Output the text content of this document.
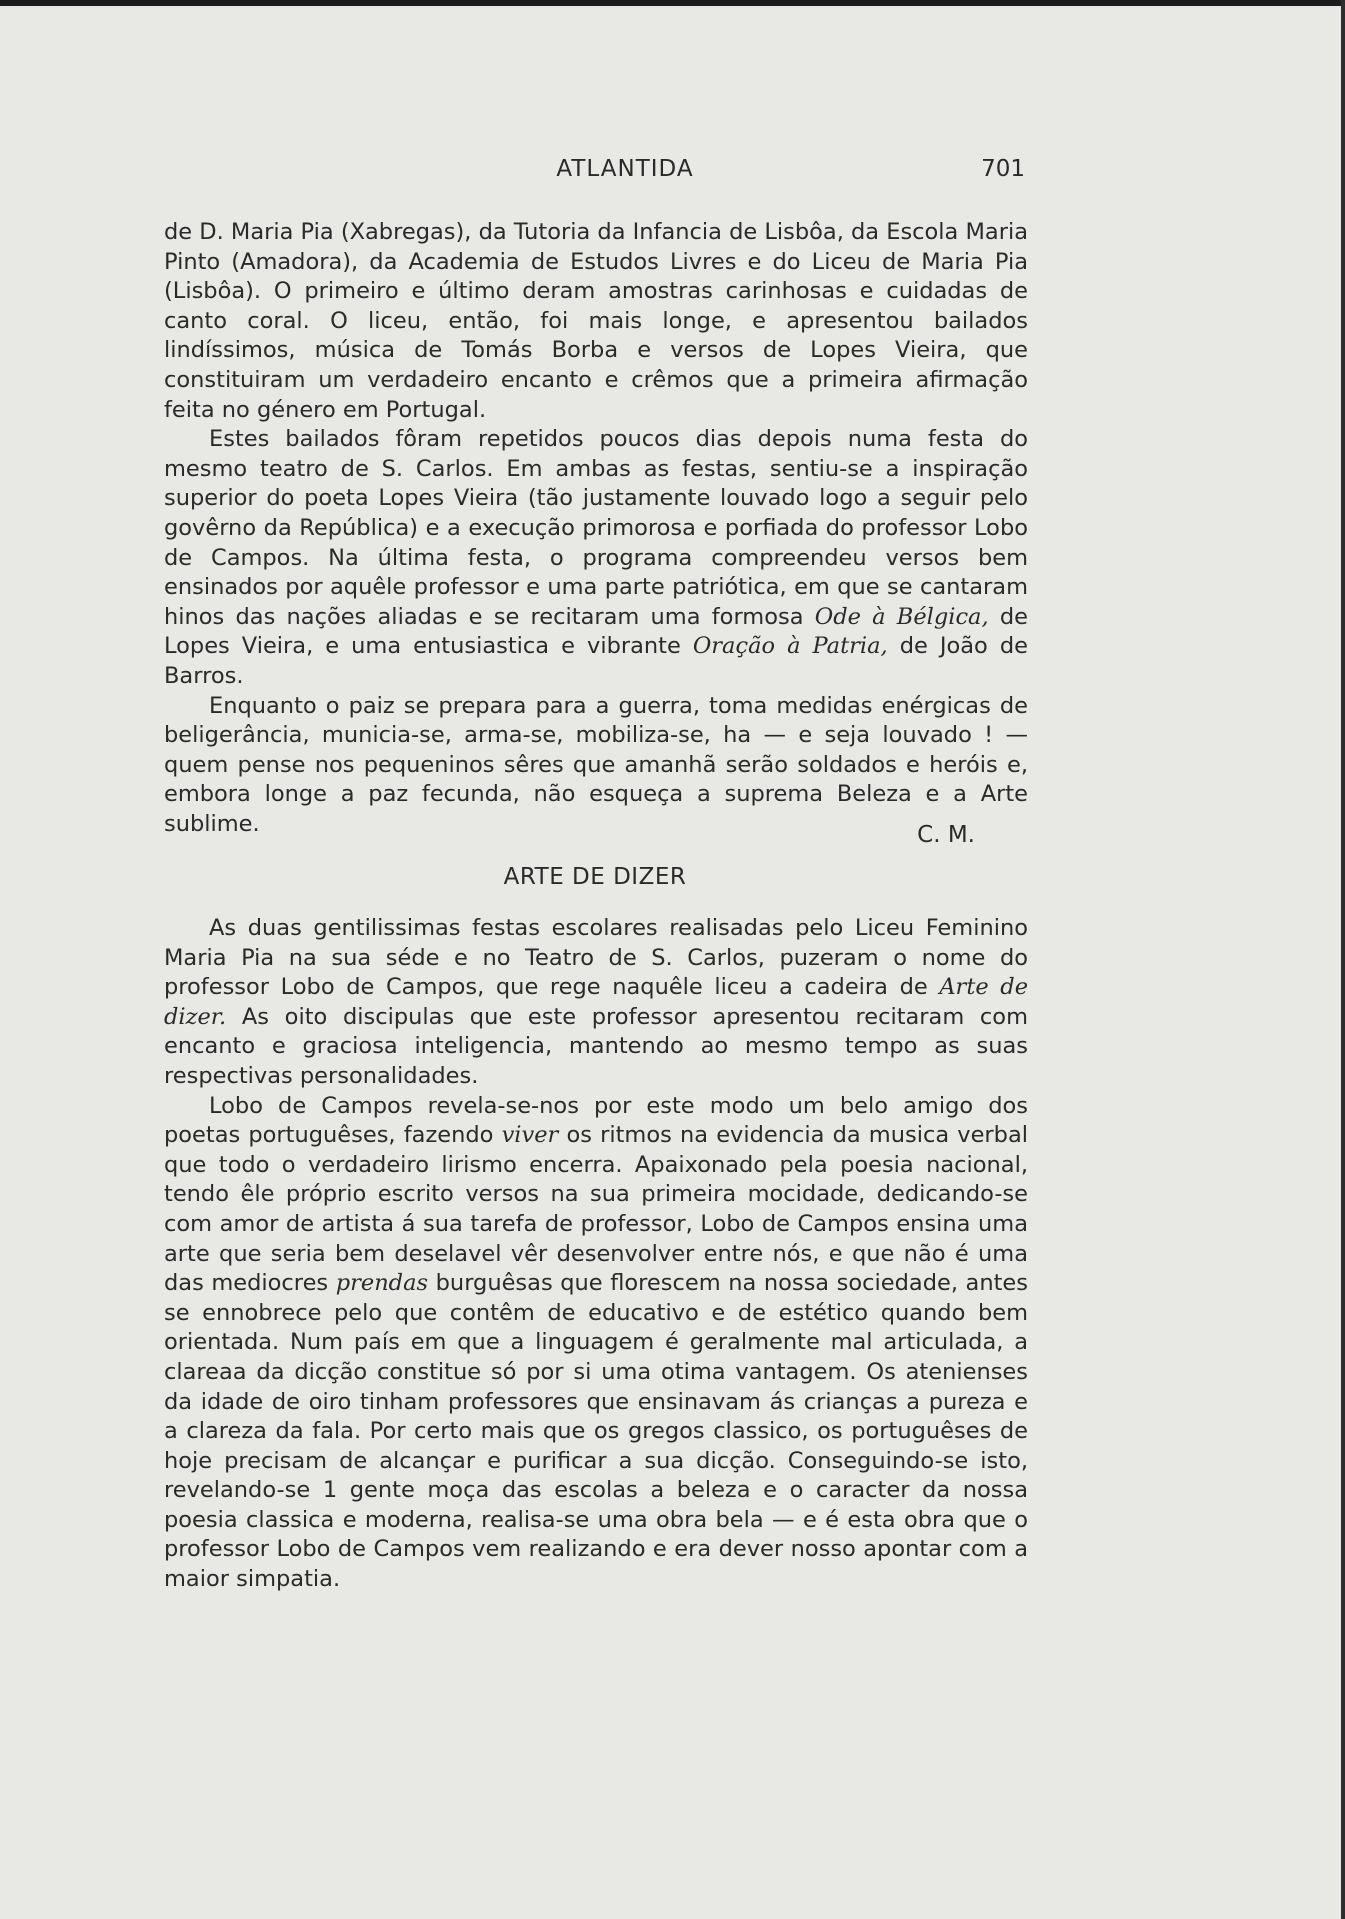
ATLANTIDA	701

de D. Maria Pia (Xabregas), da Tutoria da Infancia de Lisbôa, da Escola Maria Pinto (Amadora), da Academia de Estudos Livres e do Liceu de Maria Pia (Lisbôa). O primeiro e último deram amostras carinhosas e cuidadas de canto coral. O liceu, então, foi mais longe, e apresentou bailados lindíssimos, música de Tomás Borba e versos de Lopes Vieira, que constituiram um verdadeiro encanto e crêmos que a primeira afirmação feita no género em Portugal.

Estes bailados fôram repetidos poucos dias depois numa festa do mesmo teatro de S. Carlos. Em ambas as festas, sentiu-se a inspiração superior do poeta Lopes Vieira (tão justamente louvado logo a seguir pelo govêrno da República) e a execução primorosa e porfiada do professor Lobo de Campos. Na última festa, o programa compreendeu versos bem ensinados por aquêle professor e uma parte patriótica, em que se cantaram hinos das nações aliadas e se recitaram uma formosa Ode à Bélgica, de Lopes Vieira, e uma entusiastica e vibrante Oração à Patria, de João de Barros.

Enquanto o paiz se prepara para a guerra, toma medidas enérgicas de beligerância, municia-se, arma-se, mobiliza-se, ha — e seja louvado ! — quem pense nos pequeninos sêres que amanhã serão soldados e heróis e, embora longe a paz fecunda, não esqueça a suprema Beleza e a Arte sublime.	C. M.
ARTE DE DIZER

As duas gentilissimas festas escolares realisadas pelo Liceu Feminino Maria Pia na sua séde e no Teatro de S. Carlos, puzeram o nome do professor Lobo de Campos, que rege naquêle liceu a cadeira de Arte de dizer. As oito discipulas que este professor apresentou recitaram com encanto e graciosa inteligencia, mantendo ao mesmo tempo as suas respectivas personalidades.

Lobo de Campos revela-se-nos por este modo um belo amigo dos poetas portuguêses, fazendo viver os ritmos na evidencia da musica verbal que todo o verdadeiro lirismo encerra. Apaixonado pela poesia nacional, tendo êle próprio escrito versos na sua primeira mocidade, dedicando-se com amor de artista á sua tarefa de professor, Lobo de Campos ensina uma arte que seria bem deselavel vêr desenvolver entre nós, e que não é uma das mediocres prendas burguêsas que florescem na nossa sociedade, antes se ennobrece pelo que contêm de educativo e de estético quando bem orientada. Num país em que a linguagem é geralmente mal articulada, a clareaa da dicção constitue só por si uma otima vantagem. Os atenienses da idade de oiro tinham professores que ensinavam ás crianças a pureza e a clareza da fala. Por certo mais que os gregos classico, os portuguêses de hoje precisam de alcançar e purificar a sua dicção. Conseguindo-se isto, revelando-se 1 gente moça das escolas a beleza e o caracter da nossa poesia classica e moderna, realisa-se uma obra bela — e é esta obra que o professor Lobo de Campos vem realizando e era dever nosso apontar com a maior simpatia.
